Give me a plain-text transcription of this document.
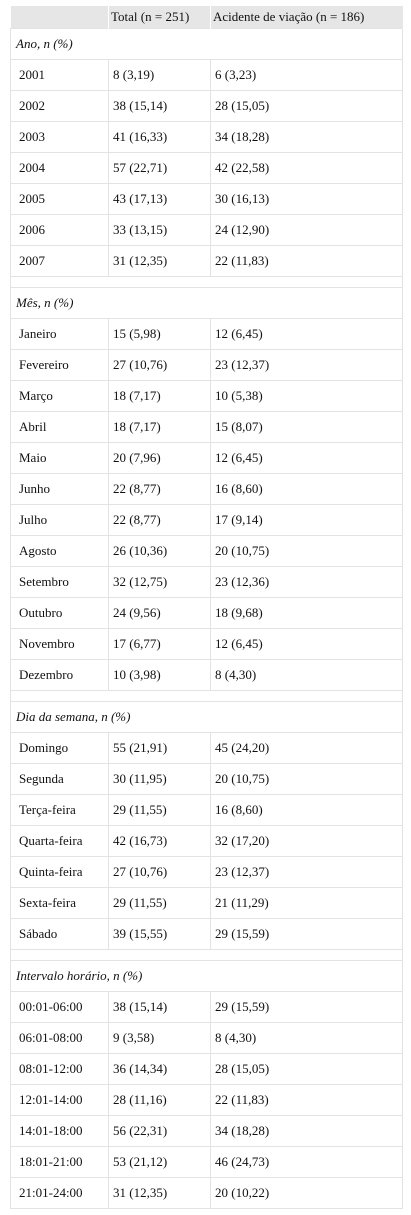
	Total (n = 251)	Acidente de viação (n = 186)
Ano, n (%)		
2001	8 (3,19)	6 (3,23)
2002	38 (15,14)	28 (15,05)
2003	41 (16,33)	34 (18,28)
2004	57 (22,71)	42 (22,58)
2005	43 (17,13)	30 (16,13)
2006	33 (13,15)	24 (12,90)
2007	31 (12,35)	22 (11,83)

Mês, n (%)		
Janeiro	15 (5,98)	12 (6,45)
Fevereiro	27 (10,76)	23 (12,37)
Março	18 (7,17)	10 (5,38)
Abril	18 (7,17)	15 (8,07)
Maio	20 (7,96)	12 (6,45)
Junho	22 (8,77)	16 (8,60)
Julho	22 (8,77)	17 (9,14)
Agosto	26 (10,36)	20 (10,75)
Setembro	32 (12,75)	23 (12,36)
Outubro	24 (9,56)	18 (9,68)
Novembro	17 (6,77)	12 (6,45)
Dezembro	10 (3,98)	8 (4,30)

Dia da semana, n (%)		
Domingo	55 (21,91)	45 (24,20)
Segunda	30 (11,95)	20 (10,75)
Terça-feira	29 (11,55)	16 (8,60)
Quarta-feira	42 (16,73)	32 (17,20)
Quinta-feira	27 (10,76)	23 (12,37)
Sexta-feira	29 (11,55)	21 (11,29)
Sábado	39 (15,55)	29 (15,59)

Intervalo horário, n (%)		
00:01-06:00	38 (15,14)	29 (15,59)
06:01-08:00	9 (3,58)	8 (4,30)
08:01-12:00	36 (14,34)	28 (15,05)
12:01-14:00	28 (11,16)	22 (11,83)
14:01-18:00	56 (22,31)	34 (18,28)
18:01-21:00	53 (21,12)	46 (24,73)
21:01-24:00	31 (12,35)	20 (10,22)
